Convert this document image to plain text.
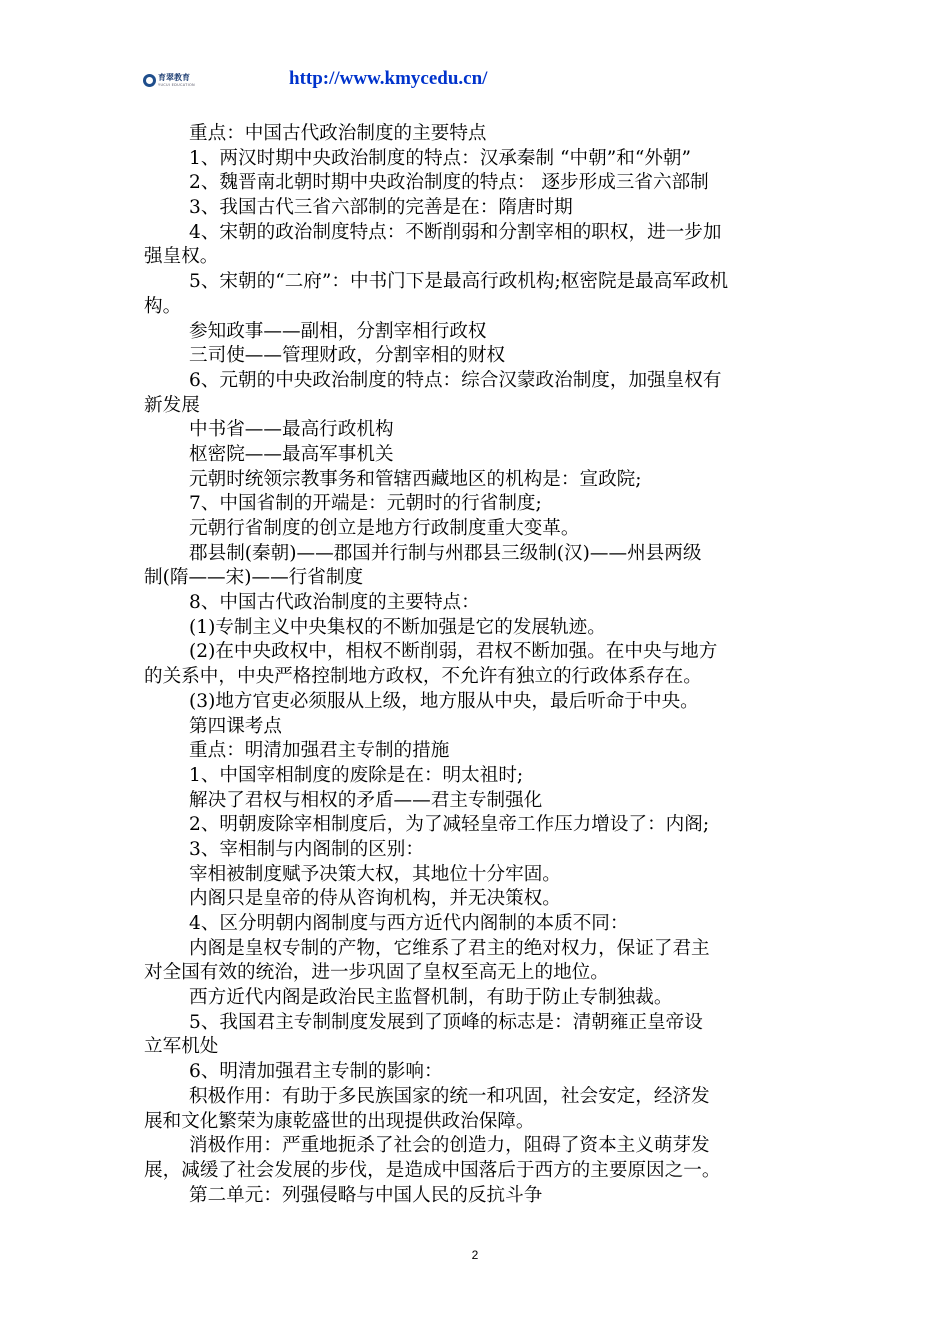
育翠教育
YUCUI EDUCATION	http://www.kmycedu.cn/

重点：中国古代政治制度的主要特点

1、两汉时期中央政治制度的特点：汉承秦制 “中朝”和“外朝”

2、魏晋南北朝时期中央政治制度的特点： 逐步形成三省六部制

3、我国古代三省六部制的完善是在：隋唐时期

4、宋朝的政治制度特点：不断削弱和分割宰相的职权，进一步加

强皇权。

5、宋朝的“二府”：中书门下是最高行政机构;枢密院是最高军政机

构。

参知政事——副相，分割宰相行政权

三司使——管理财政，分割宰相的财权

6、元朝的中央政治制度的特点：综合汉蒙政治制度，加强皇权有

新发展

中书省——最高行政机构

枢密院——最高军事机关

元朝时统领宗教事务和管辖西藏地区的机构是：宣政院;

7、中国省制的开端是：元朝时的行省制度;

元朝行省制度的创立是地方行政制度重大变革。

郡县制(秦朝)——郡国并行制与州郡县三级制(汉)——州县两级

制(隋——宋)——行省制度

8、中国古代政治制度的主要特点：

(1)专制主义中央集权的不断加强是它的发展轨迹。

(2)在中央政权中，相权不断削弱，君权不断加强。在中央与地方

的关系中，中央严格控制地方政权，不允许有独立的行政体系存在。

(3)地方官吏必须服从上级，地方服从中央，最后听命于中央。

第四课考点

重点：明清加强君主专制的措施

1、中国宰相制度的废除是在：明太祖时;

解决了君权与相权的矛盾——君主专制强化

2、明朝废除宰相制度后，为了减轻皇帝工作压力增设了：内阁;

3、宰相制与内阁制的区别：

宰相被制度赋予决策大权，其地位十分牢固。

内阁只是皇帝的侍从咨询机构，并无决策权。

4、区分明朝内阁制度与西方近代内阁制的本质不同：

内阁是皇权专制的产物，它维系了君主的绝对权力，保证了君主

对全国有效的统治，进一步巩固了皇权至高无上的地位。

西方近代内阁是政治民主监督机制，有助于防止专制独裁。

5、我国君主专制制度发展到了顶峰的标志是：清朝雍正皇帝设

立军机处

6、明清加强君主专制的影响：

积极作用：有助于多民族国家的统一和巩固，社会安定，经济发

展和文化繁荣为康乾盛世的出现提供政治保障。

消极作用：严重地扼杀了社会的创造力，阻碍了资本主义萌芽发

展，减缓了社会发展的步伐，是造成中国落后于西方的主要原因之一。

第二单元：列强侵略与中国人民的反抗斗争

2
